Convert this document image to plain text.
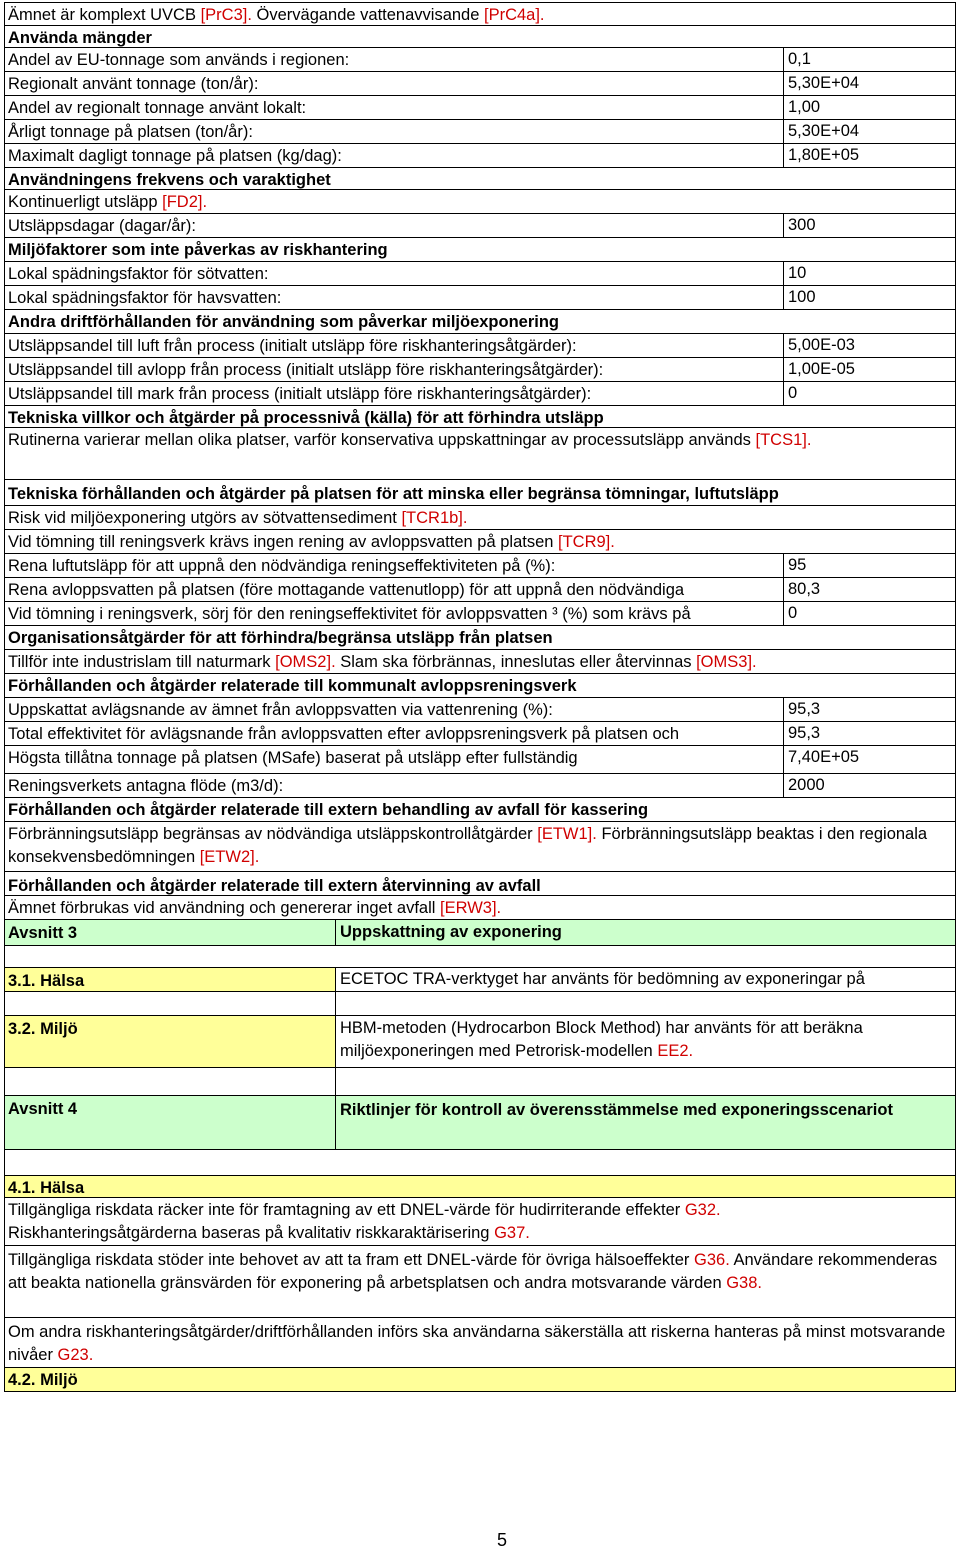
Ämnet är komplext UVCB [PrC3]. Övervägande vattenavvisande [PrC4a].
Använda mängder
Andel av EU-tonnage som används i regionen:	0,1
Regionalt använt tonnage (ton/år):	5,30E+04
Andel av regionalt tonnage använt lokalt:	1,00
Årligt tonnage på platsen (ton/år):	5,30E+04
Maximalt dagligt tonnage på platsen (kg/dag):	1,80E+05
Användningens frekvens och varaktighet
Kontinuerligt utsläpp [FD2].
Utsläppsdagar (dagar/år):	300
Miljöfaktorer som inte påverkas av riskhantering
Lokal spädningsfaktor för sötvatten:	10
Lokal spädningsfaktor för havsvatten:	100
Andra driftförhållanden för användning som påverkar miljöexponering
Utsläppsandel till luft från process (initialt utsläpp före riskhanteringsåtgärder):	5,00E-03
Utsläppsandel till avlopp från process (initialt utsläpp före riskhanteringsåtgärder):	1,00E-05
Utsläppsandel till mark från process (initialt utsläpp före riskhanteringsåtgärder):	0
Tekniska villkor och åtgärder på processnivå (källa) för att förhindra utsläpp
Rutinerna varierar mellan olika platser, varför konservativa uppskattningar av processutsläpp används [TCS1].
Tekniska förhållanden och åtgärder på platsen för att minska eller begränsa tömningar, luftutsläpp
Risk vid miljöexponering utgörs av sötvattensediment [TCR1b].
Vid tömning till reningsverk krävs ingen rening av avloppsvatten på platsen [TCR9].
Rena luftutsläpp för att uppnå den nödvändiga reningseffektiviteten på (%):	95
Rena avloppsvatten på platsen (före mottagande vattenutlopp) för att uppnå den nödvändiga	80,3
Vid tömning i reningsverk, sörj för den reningseffektivitet för avloppsvatten ³ (%) som krävs på	0
Organisationsåtgärder för att förhindra/begränsa utsläpp från platsen
Tillför inte industrislam till naturmark [OMS2]. Slam ska förbrännas, inneslutas eller återvinnas [OMS3].
Förhållanden och åtgärder relaterade till kommunalt avloppsreningsverk
Uppskattat avlägsnande av ämnet från avloppsvatten via vattenrening (%):	95,3
Total effektivitet för avlägsnande från avloppsvatten efter avloppsreningsverk på platsen och	95,3
Högsta tillåtna tonnage på platsen (MSafe) baserat på utsläpp efter fullständig	7,40E+05
Reningsverkets antagna flöde (m3/d):	2000
Förhållanden och åtgärder relaterade till extern behandling av avfall för kassering
Förbränningsutsläpp begränsas av nödvändiga utsläppskontrollåtgärder [ETW1]. Förbränningsutsläpp beaktas i den regionala konsekvensbedömningen [ETW2].
Förhållanden och åtgärder relaterade till extern återvinning av avfall
Ämnet förbrukas vid användning och genererar inget avfall [ERW3].
Avsnitt 3	Uppskattning av exponering
3.1. Hälsa	ECETOC TRA-verktyget har använts för bedömning av exponeringar på
3.2. Miljö	HBM-metoden (Hydrocarbon Block Method) har använts för att beräkna miljöexponeringen med Petrorisk-modellen EE2.
Avsnitt 4	Riktlinjer för kontroll av överensstämmelse med exponeringsscenariot
4.1. Hälsa
Tillgängliga riskdata räcker inte för framtagning av ett DNEL-värde för hudirriterande effekter G32.
Riskhanteringsåtgärderna baseras på kvalitativ riskkaraktärisering G37.
Tillgängliga riskdata stöder inte behovet av att ta fram ett DNEL-värde för övriga hälsoeffekter G36. Användare rekommenderas att beakta nationella gränsvärden för exponering på arbetsplatsen och andra motsvarande värden G38.
Om andra riskhanteringsåtgärder/driftförhållanden införs ska användarna säkerställa att riskerna hanteras på minst motsvarande nivåer G23.
4.2. Miljö
5
